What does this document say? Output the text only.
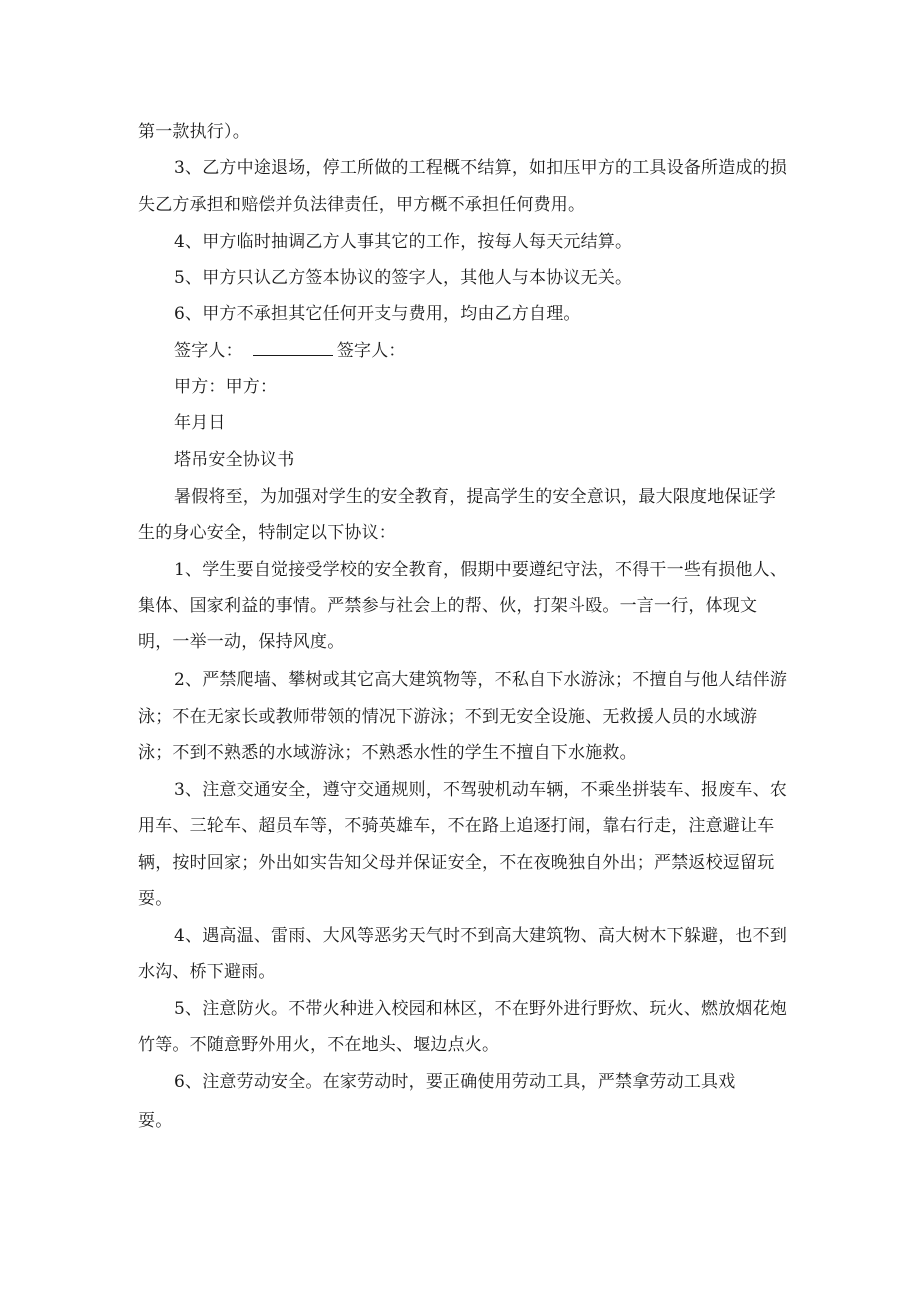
第一款执行）。

3、乙方中途退场，停工所做的工程概不结算，如扣压甲方的工具设备所造成的损

失乙方承担和赔偿并负法律责任，甲方概不承担任何费用。

4、甲方临时抽调乙方人事其它的工作，按每人每天元结算。

5、甲方只认乙方签本协议的签字人，其他人与本协议无关。

6、甲方不承担其它任何开支与费用，均由乙方自理。

签字人：	签字人：

甲方：甲方：

年月日

塔吊安全协议书

暑假将至，为加强对学生的安全教育，提高学生的安全意识，最大限度地保证学

生的身心安全，特制定以下协议：

1、学生要自觉接受学校的安全教育，假期中要遵纪守法，不得干一些有损他人、

集体、国家利益的事情。严禁参与社会上的帮、伙，打架斗殴。一言一行，体现文

明，一举一动，保持风度。

2、严禁爬墙、攀树或其它高大建筑物等，不私自下水游泳；不擅自与他人结伴游

泳；不在无家长或教师带领的情况下游泳；不到无安全设施、无救援人员的水域游

泳；不到不熟悉的水域游泳；不熟悉水性的学生不擅自下水施救。

3、注意交通安全，遵守交通规则，不驾驶机动车辆，不乘坐拼装车、报废车、农

用车、三轮车、超员车等，不骑英雄车，不在路上追逐打闹，靠右行走，注意避让车

辆，按时回家；外出如实告知父母并保证安全，不在夜晚独自外出；严禁返校逗留玩

耍。

4、遇高温、雷雨、大风等恶劣天气时不到高大建筑物、高大树木下躲避，也不到

水沟、桥下避雨。

5、注意防火。不带火种进入校园和林区，不在野外进行野炊、玩火、燃放烟花炮

竹等。不随意野外用火，不在地头、堰边点火。

6、注意劳动安全。在家劳动时，要正确使用劳动工具，严禁拿劳动工具戏

耍。
